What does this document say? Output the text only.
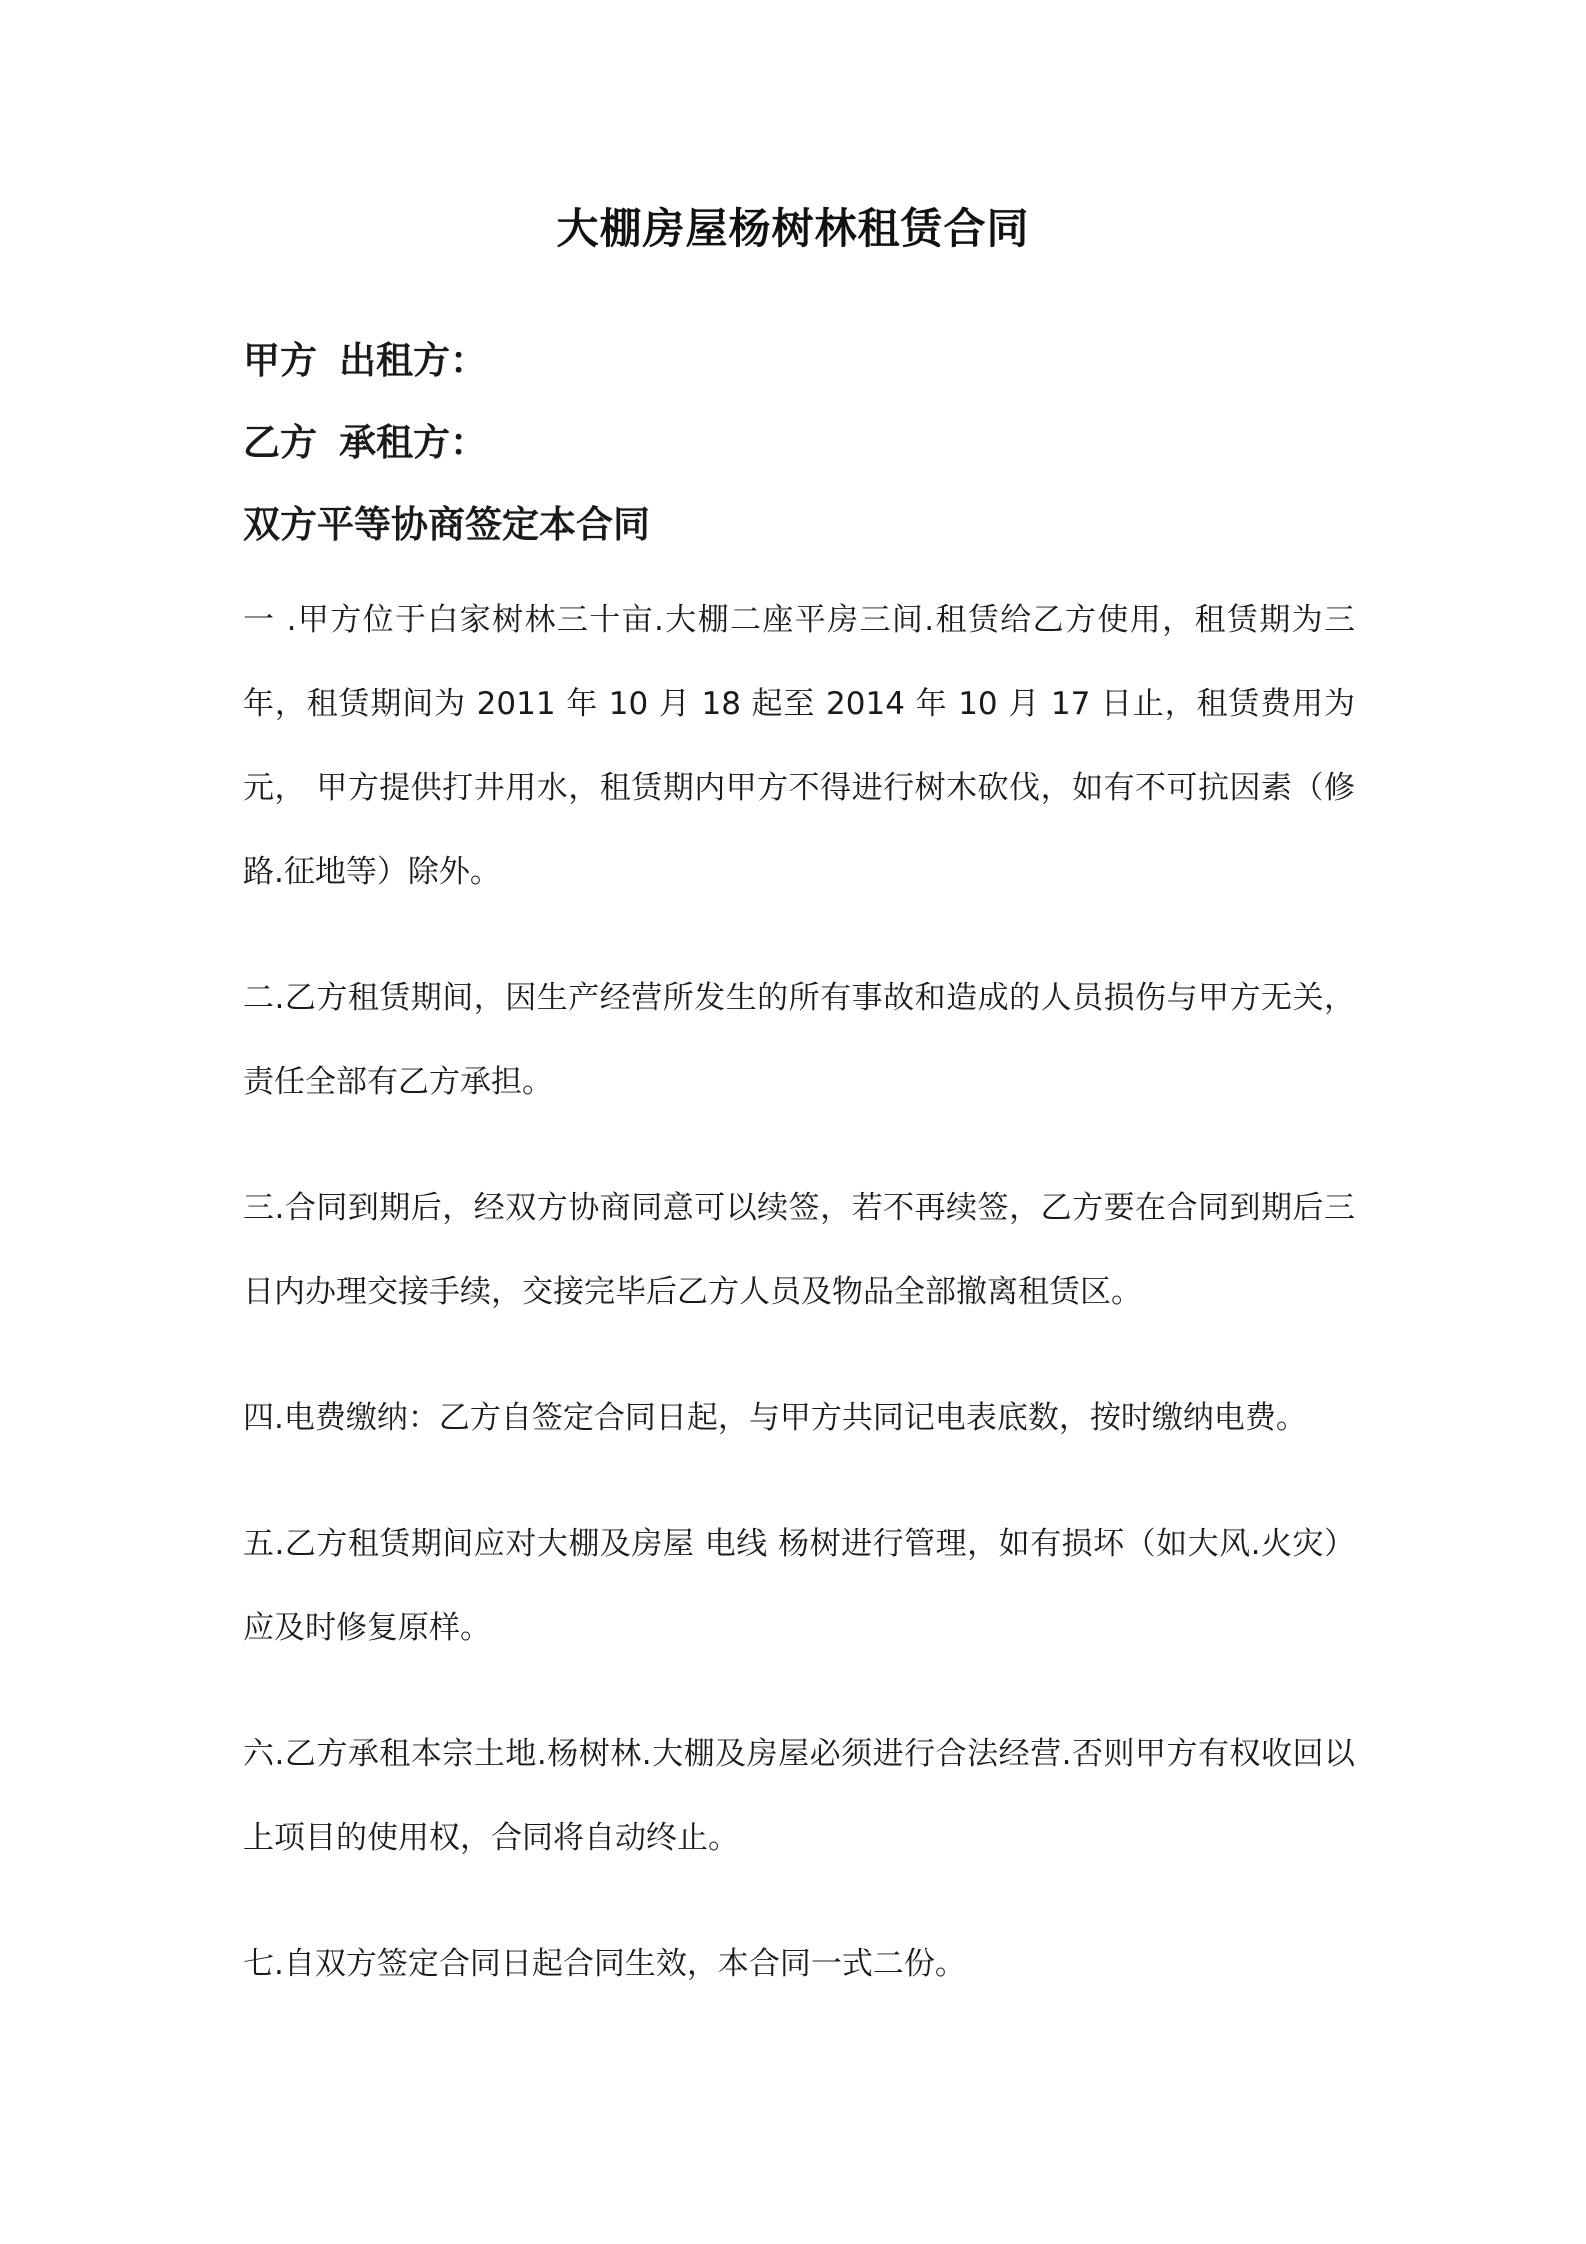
大棚房屋杨树林租赁合同
甲方 出租方：
乙方 承租方：
双方平等协商签定本合同

一 .甲方位于白家树林三十亩.大棚二座平房三间.租赁给乙方使用，租赁期为三年，租赁期间为 2011 年 10 月 18 起至 2014 年 10 月 17 日止，租赁费用为 元， 甲方提供打井用水，租赁期内甲方不得进行树木砍伐，如有不可抗因素（修路.征地等）除外。

二.乙方租赁期间，因生产经营所发生的所有事故和造成的人员损伤与甲方无关，责任全部有乙方承担。

三.合同到期后，经双方协商同意可以续签，若不再续签，乙方要在合同到期后三日内办理交接手续，交接完毕后乙方人员及物品全部撤离租赁区。

四.电费缴纳：乙方自签定合同日起，与甲方共同记电表底数，按时缴纳电费。

五.乙方租赁期间应对大棚及房屋 电线 杨树进行管理，如有损坏（如大风.火灾）应及时修复原样。

六.乙方承租本宗土地.杨树林.大棚及房屋必须进行合法经营.否则甲方有权收回以上项目的使用权，合同将自动终止。

七.自双方签定合同日起合同生效，本合同一式二份。
